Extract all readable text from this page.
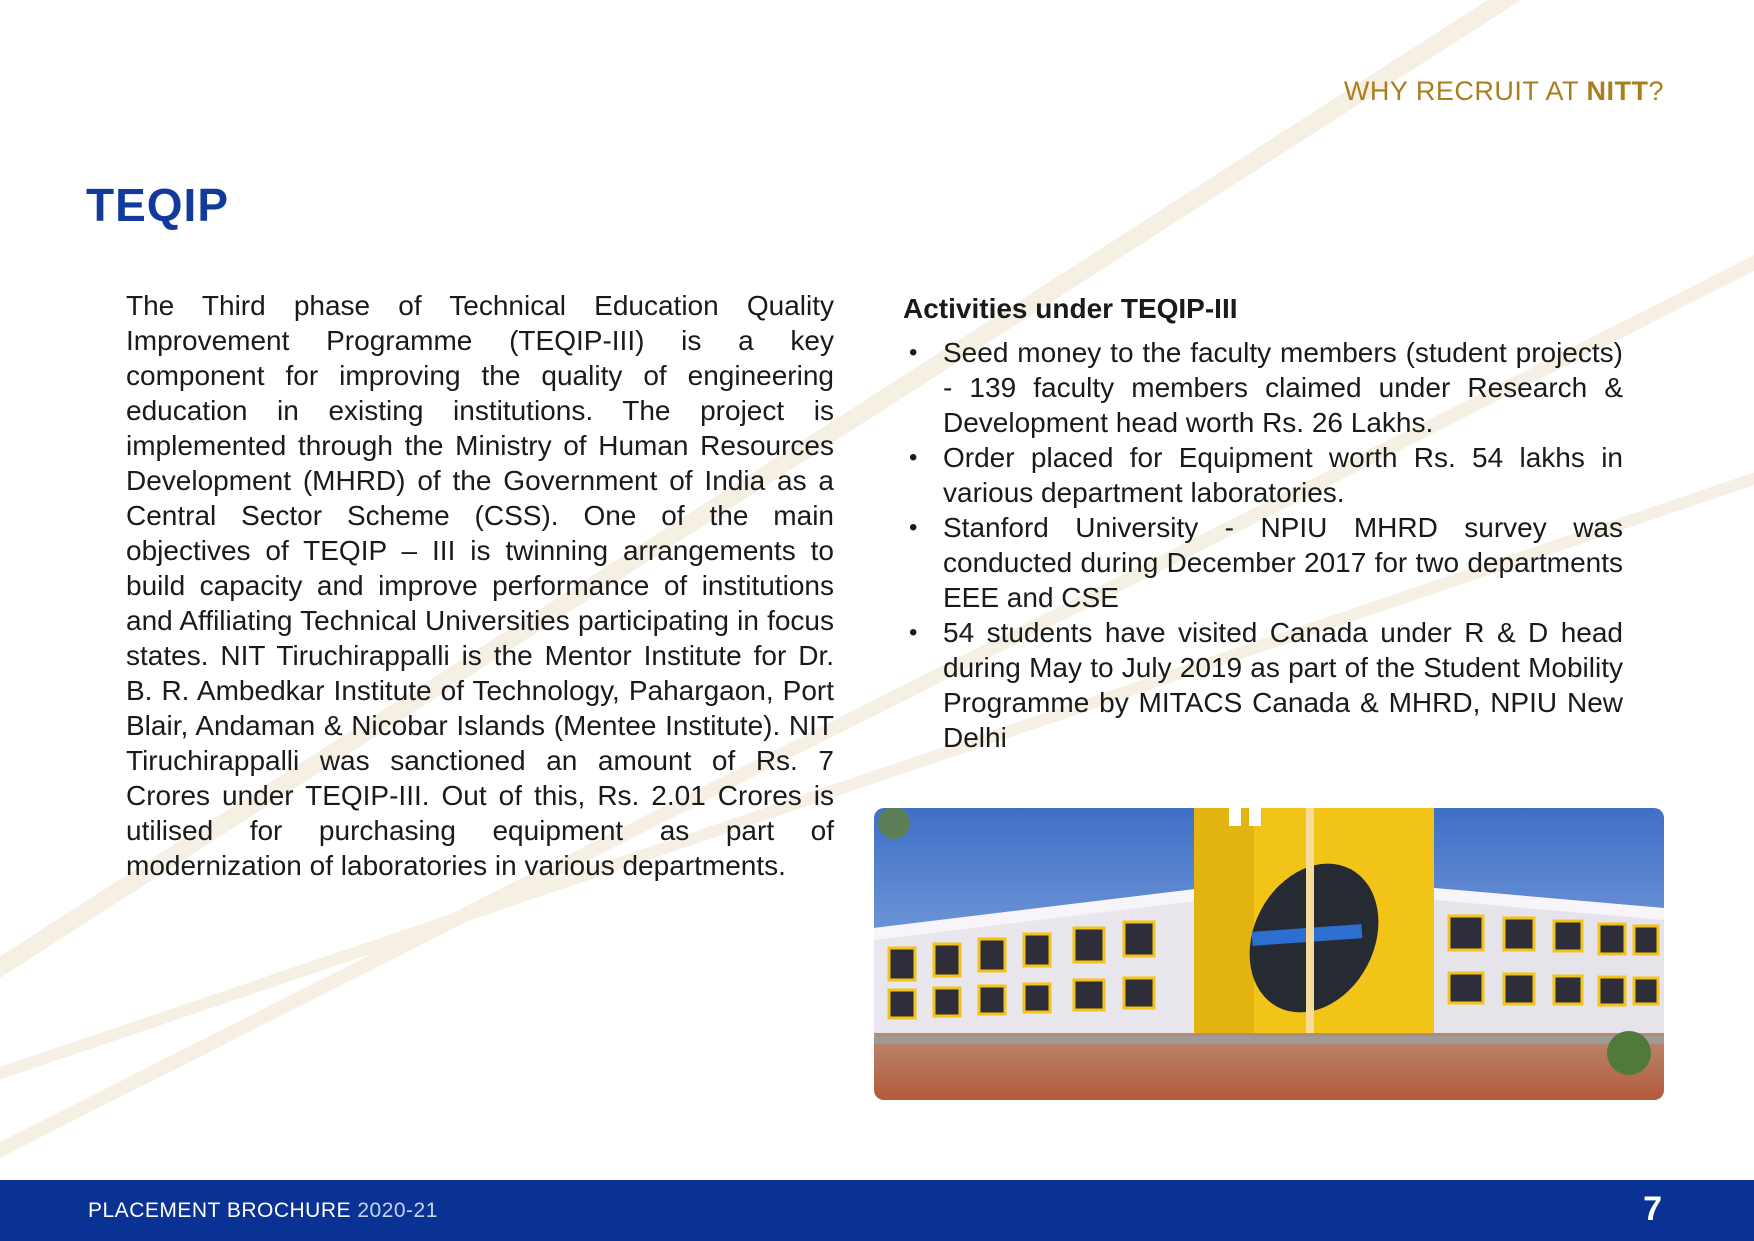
WHY RECRUIT AT NITT?
TEQIP

The Third phase of Technical Education Quality Improvement Programme (TEQIP-III) is a key component for improving the quality of engineering education in existing institutions. The project is implemented through the Ministry of Human Resources Development (MHRD) of the Government of India as a Central Sector Scheme (CSS). One of the main objectives of TEQIP – III is twinning arrangements to build capacity and improve performance of institutions and Affiliating Technical Universities participating in focus states. NIT Tiruchirappalli is the Mentor Institute for Dr. B. R. Ambedkar Institute of Technology, Pahargaon, Port Blair, Andaman & Nicobar Islands (Mentee Institute). NIT Tiruchirappalli was sanctioned an amount of Rs. 7 Crores under TEQIP-III. Out of this, Rs. 2.01 Crores is utilised for purchasing equipment as part of modernization of laboratories in various departments.

Activities under TEQIP-III
• Seed money to the faculty members (student projects) - 139 faculty members claimed under Research & Development head worth Rs. 26 Lakhs.
• Order placed for Equipment worth Rs. 54 lakhs in various department laboratories.
• Stanford University - NPIU MHRD survey was conducted during December 2017 for two departments EEE and CSE
• 54 students have visited Canada under R & D head during May to July 2019 as part of the Student Mobility Programme by MITACS Canada & MHRD, NPIU New Delhi
PLACEMENT BROCHURE 2020-21	7
